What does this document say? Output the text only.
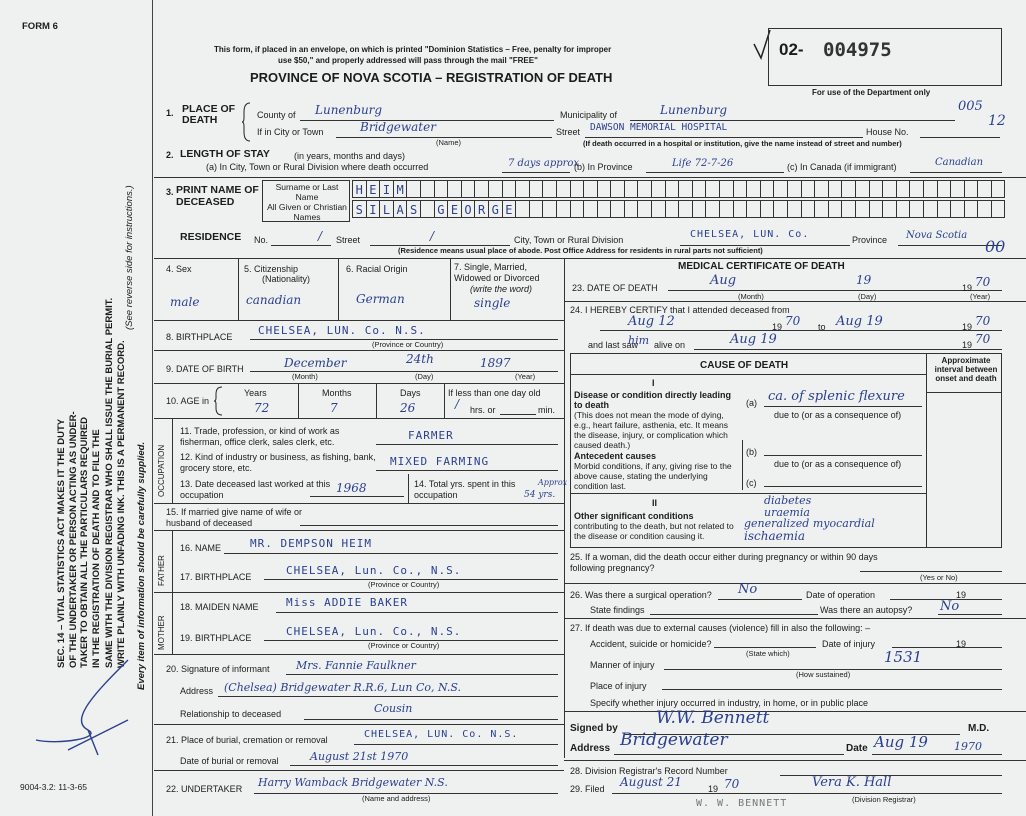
FORM 6
This form, if placed in an envelope, on which is printed "Dominion Statistics – Free, penalty for improper
use $50," and properly addressed will pass through the mail "FREE"
PROVINCE OF NOVA SCOTIA – REGISTRATION OF DEATH
02- 004975
For use of the Department only
SEC. 14 – VITAL STATISTICS ACT MAKES IT THE DUTY OF THE UNDERTAKER OR PERSON ACTING AS UNDER- TAKER TO OBTAIN ALL THE PARTICULARS REQUIRED IN THE REGISTRATION OF DEATH AND TO FILE THE SAME WITH THE DIVISION REGISTRAR WHO SHALL ISSUE THE BURIAL PERMIT. WRITE PLAINLY WITH UNFADING INK. THIS IS A PERMANENT RECORD.
(See reverse side for instructions.)
Every item of information should be carefully supplied.
9004-3.2: 11-3-65
1. PLACE OF DEATH	County of Lunenburg	Municipality of	Lunenburg	005
If in City or Town	Bridgewater
(Name)
Street DAWSON MEMORIAL HOSPITAL	House No.
12
(If death occurred in a hospital or institution, give the name instead of street and number)
2. LENGTH OF STAY	(in years, months and days)
(a) In City, Town or Rural Division where death occurred	7 days approx
(b) In Province	Life 72-7-26	(c) In Canada (if immigrant)	Canadian
3. PRINT NAME OF DECEASED
Surname or Last Name
All Given or Christian Names
H E I M
S I L A S	G E O R G E
RESIDENCE No.	/ Street	/	City, Town or Rural Division	CHELSEA, LUN. Co.	Province Nova Scotia
00
(Residence means usual place of abode. Post Office Address for residents in rural parts not sufficient)
4. Sex
male
5. Citizenship
(Nationality)
canadian
6. Racial Origin
German
7. Single, Married, Widowed or Divorced
(write the word)
single
8. BIRTHPLACE CHELSEA, LUN. Co. N.S.
(Province or Country)
9. DATE OF BIRTH	December	24th	1897
(Month)	(Day)	(Year)
10. AGE in
Years
72
Months
7
Days
26
If less than one day old
hrs. or	min.
/
OCCUPATION
11. Trade, profession, or kind of work as fisherman, office clerk, sales clerk, etc.	FARMER
12. Kind of industry or business, as fishing, bank, grocery store, etc.	MIXED FARMING
13. Date deceased last worked at this occupation	1968	14. Total yrs. spent in this occupation	54 yrs.
Approx
15. If married give name of wife or husband of deceased
FATHER
16. NAME	MR. DEMPSON HEIM
17. BIRTHPLACE	CHELSEA, Lun. Co., N.S.
(Province or Country)
MOTHER
18. MAIDEN NAME Miss ADDIE BAKER
19. BIRTHPLACE	CHELSEA, Lun. Co., N.S.
(Province or Country)
20. Signature of informant Mrs. Fannie Faulkner
Address (Chelsea) Bridgewater R.R.6, Lun Co, N.S.
Relationship to deceased	Cousin
21. Place of burial, cremation or removal	CHELSEA, LUN. Co. N.S.
Date of burial or removal	August 21st 1970
22. UNDERTAKER Harry Wamback Bridgewater N.S.
(Name and address)
MEDICAL CERTIFICATE OF DEATH
23. DATE OF DEATH	Aug	19
19 70
(Month)	(Day)	(Year)
24. I HEREBY CERTIFY that I attended deceased from
Aug 12	19 70 to Aug 19	19 70
and last saw
him alive on	Aug 19	19 70
CAUSE OF DEATH	Approximate interval between onset and death
I
Disease or condition directly leading to death
(This does not mean the mode of dying, e.g., heart failure, asthenia, etc. It means the disease, injury, or complication which caused death.)
(a) ca. of splenic flexure
due to (or as a consequence of)
(b)
due to (or as a consequence of)
(c)
Antecedent causes
Morbid conditions, if any, giving rise to the above cause, stating the underlying condition last.
II
Other significant conditions
contributing to the death, but not related to the disease or condition causing it.
diabetes
uraemia
generalized myocardial
ischaemia
25. If a woman, did the death occur either during pregnancy or within 90 days following pregnancy?
(Yes or No)
26. Was there a surgical operation? No	Date of operation	19
State findings	Was there an autopsy? No
27. If death was due to external causes (violence) fill in also the following: –
Accident, suicide or homicide?
(State which)
Date of injury	19
Manner of injury	1531
(How sustained)
Place of injury
Specify whether injury occurred in industry, in home, or in public place
Signed by
W.W. Bennett
M.D.
Address Bridgewater	Date Aug 19 1970
28. Division Registrar's Record Number
29. Filed August 21	19 70	Vera K. Hall
(Division Registrar)
W. W. BENNETT
